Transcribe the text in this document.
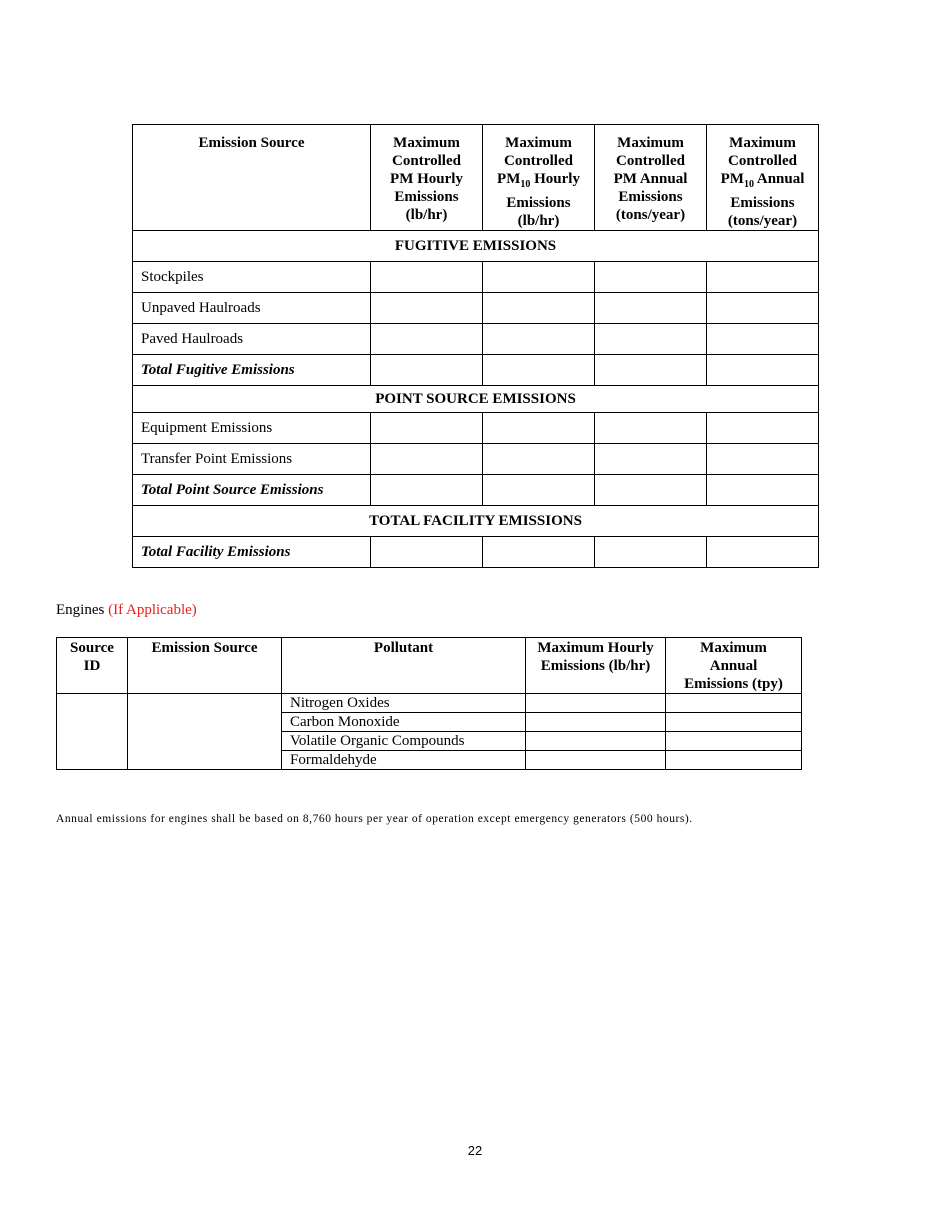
Emission Source	Maximum
Controlled
PM Hourly
Emissions
(lb/hr)	Maximum
Controlled
$PM_{10}$ Hourly
Emissions
(lb/hr)	Maximum
Controlled
PM Annual
Emissions
(tons/year)	Maximum
Controlled
$PM_{10}$ Annual
Emissions
(tons/year)
FUGITIVE EMISSIONS				
Stockpiles				
Unpaved Haulroads				
Paved Haulroads				
Total Fugitive Emissions				
POINT SOURCE EMISSIONS				
Equipment Emissions				
Transfer Point Emissions				
Total Point Source Emissions				
TOTAL FACILITY EMISSIONS				
Total Facility Emissions				
Engines (If Applicable)
Source
ID	Emission Source	Pollutant	Maximum Hourly
Emissions (lb/hr)	Maximum
Annual
Emissions (tpy)
		Nitrogen Oxides		
		Carbon Monoxide		
		Volatile Organic Compounds		
		Formaldehyde		
Annual emissions for engines shall be based on 8,760 hours per year of operation except emergency generators (500 hours).
22
